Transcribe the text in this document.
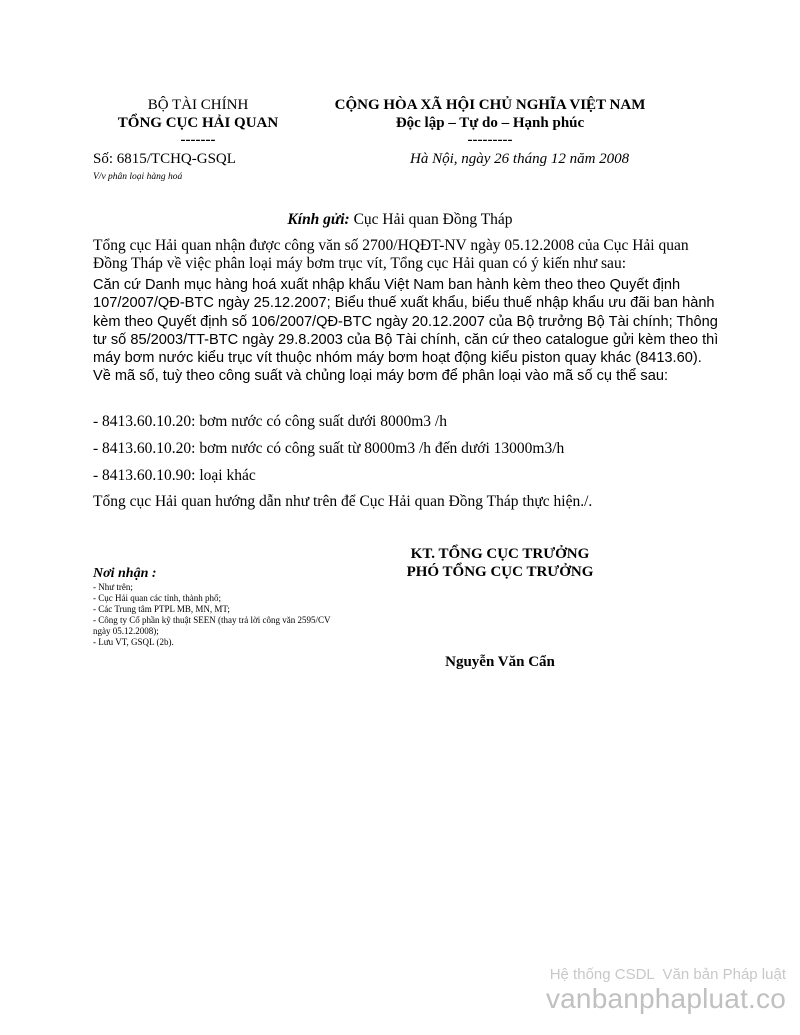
BỘ TÀI CHÍNH
TỔNG CỤC HẢI QUAN
-------
Số: 6815/TCHQ-GSQL
V/v phân loại hàng hoá
CỘNG HÒA XÃ HỘI CHỦ NGHĨA VIỆT NAM
Độc lập – Tự do – Hạnh phúc
---------
Hà Nội, ngày 26 tháng 12 năm 2008
Kính gửi: Cục Hải quan Đồng Tháp
Tổng cục Hải quan nhận được công văn số 2700/HQĐT-NV ngày 05.12.2008 của Cục Hải quan Đồng Tháp về việc phân loại máy bơm trục vít, Tổng cục Hải quan có ý kiến như sau:
Căn cứ Danh mục hàng hoá xuất nhập khẩu Việt Nam ban hành kèm theo theo Quyết định 107/2007/QĐ-BTC ngày 25.12.2007; Biểu thuế xuất khẩu, biểu thuế nhập khẩu ưu đãi ban hành kèm theo Quyết định số 106/2007/QĐ-BTC ngày 20.12.2007 của Bộ trưởng Bộ Tài chính; Thông tư số 85/2003/TT-BTC ngày 29.8.2003 của Bộ Tài chính, căn cứ theo catalogue gửi kèm theo thì máy bơm nước kiểu trục vít thuộc nhóm máy bơm hoạt động kiểu piston quay khác (8413.60). Về mã số, tuỳ theo công suất và chủng loại máy bơm để phân loại vào mã số cụ thể sau:
- 8413.60.10.20: bơm nước có công suất dưới 8000m3 /h
- 8413.60.10.20: bơm nước có công suất từ 8000m3 /h đến dưới 13000m3/h
- 8413.60.10.90: loại khác
Tổng cục Hải quan hướng dẫn như trên để Cục Hải quan Đồng Tháp thực hiện./.
Nơi nhận :
- Như trên;
- Cục Hải quan các tỉnh, thành phố;
- Các Trung tâm PTPL MB, MN, MT;
- Công ty Cổ phần kỹ thuật SEEN (thay trả lời công văn 2595/CV ngày 05.12.2008);
- Lưu VT, GSQL (2b).
KT. TỔNG CỤC TRƯỞNG
PHÓ TỔNG CỤC TRƯỞNG
Nguyễn Văn Cẩn
Hệ thống CSDL  Văn bản Pháp luật
vanbanphapluat.co
